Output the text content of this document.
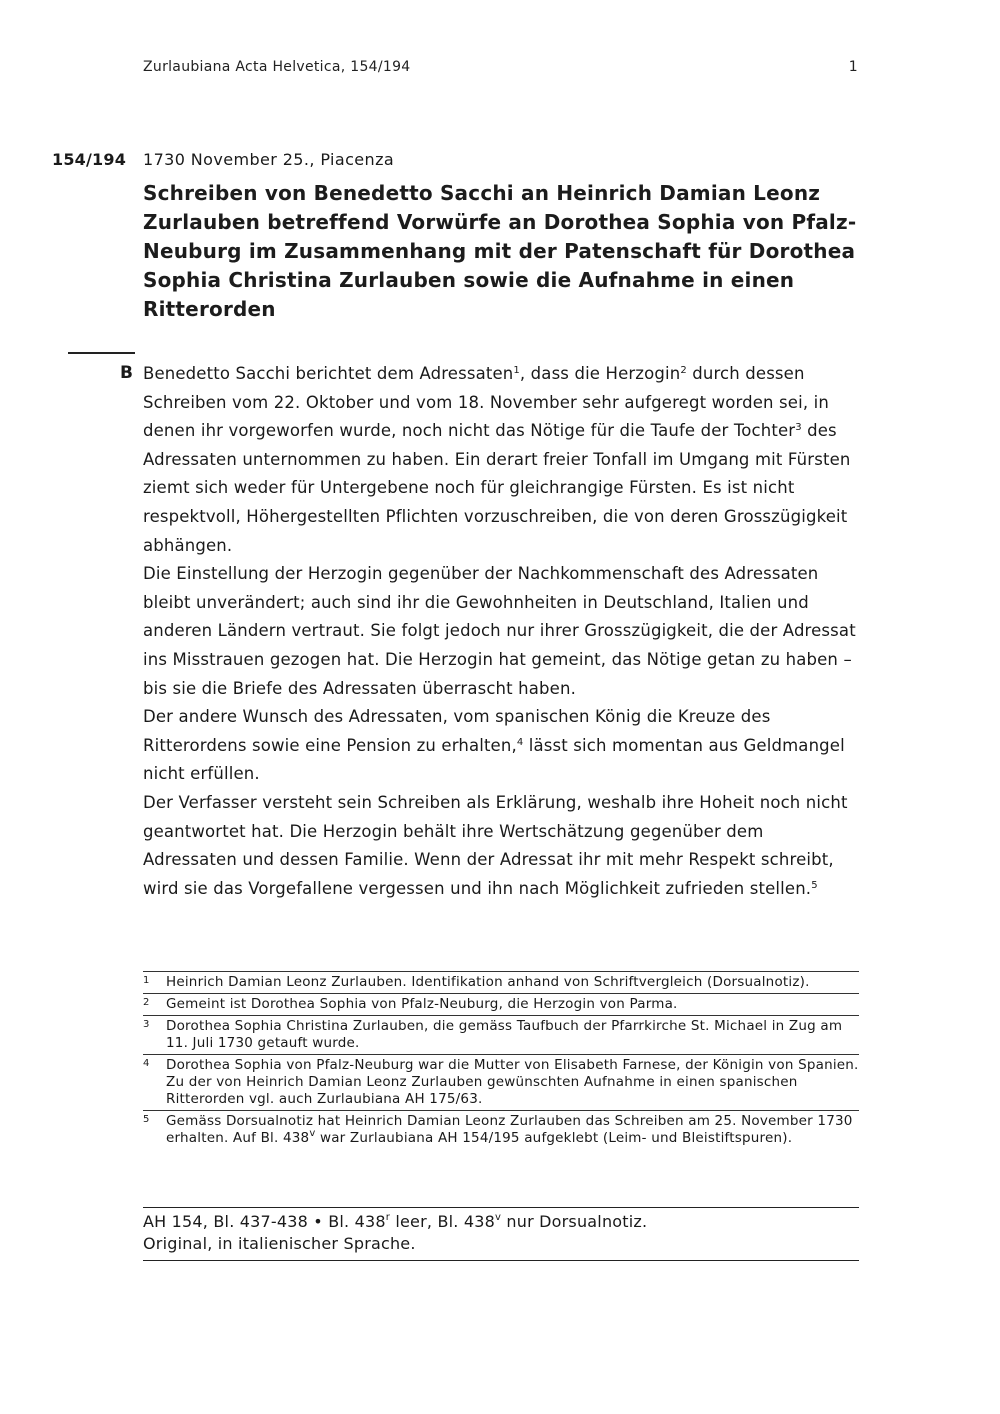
Zurlaubiana Acta Helvetica, 154/194	1
154/194 1730 November 25., Piacenza
Schreiben von Benedetto Sacchi an Heinrich Damian Leonz Zurlauben betreffend Vorwürfe an Dorothea Sophia von Pfalz-Neuburg im Zusammenhang mit der Patenschaft für Dorothea Sophia Christina Zurlauben sowie die Aufnahme in einen Ritterorden
B Benedetto Sacchi berichtet dem Adressaten$^1$, dass die Herzogin$^2$ durch dessen Schreiben vom 22. Oktober und vom 18. November sehr aufgeregt worden sei, in denen ihr vorgeworfen wurde, noch nicht das Nötige für die Taufe der Tochter$^3$ des Adressaten unternommen zu haben. Ein derart freier Tonfall im Umgang mit Fürsten ziemt sich weder für Untergebene noch für gleichrangige Fürsten. Es ist nicht respektvoll, Höhergestellten Pflichten vorzuschreiben, die von deren Grosszügigkeit abhängen.

Die Einstellung der Herzogin gegenüber der Nachkommenschaft des Adressaten bleibt unverändert; auch sind ihr die Gewohnheiten in Deutschland, Italien und anderen Ländern vertraut. Sie folgt jedoch nur ihrer Grosszügigkeit, die der Adressat ins Misstrauen gezogen hat. Die Herzogin hat gemeint, das Nötige getan zu haben – bis sie die Briefe des Adressaten überrascht haben.

Der andere Wunsch des Adressaten, vom spanischen König die Kreuze des Ritterordens sowie eine Pension zu erhalten,$^4$ lässt sich momentan aus Geldmangel nicht erfüllen.

Der Verfasser versteht sein Schreiben als Erklärung, weshalb ihre Hoheit noch nicht geantwortet hat. Die Herzogin behält ihre Wertschätzung gegenüber dem Adressaten und dessen Familie. Wenn der Adressat ihr mit mehr Respekt schreibt, wird sie das Vorgefallene vergessen und ihn nach Möglichkeit zufrieden stellen.$^5$

1	Heinrich Damian Leonz Zurlauben. Identifikation anhand von Schriftvergleich (Dorsualnotiz).
2	Gemeint ist Dorothea Sophia von Pfalz-Neuburg, die Herzogin von Parma.
3	Dorothea Sophia Christina Zurlauben, die gemäss Taufbuch der Pfarrkirche St. Michael in Zug am 11. Juli 1730 getauft wurde.
4	Dorothea Sophia von Pfalz-Neuburg war die Mutter von Elisabeth Farnese, der Königin von Spanien. Zu der von Heinrich Damian Leonz Zurlauben gewünschten Aufnahme in einen spanischen Ritterorden vgl. auch Zurlaubiana AH 175/63.
5	Gemäss Dorsualnotiz hat Heinrich Damian Leonz Zurlauben das Schreiben am 25. November 1730 erhalten. Auf Bl. 438$^v$ war Zurlaubiana AH 154/195 aufgeklebt (Leim- und Bleistiftspuren).
AH 154, Bl. 437-438 • Bl. 438$^r$ leer, Bl. 438$^v$ nur Dorsualnotiz.
Original, in italienischer Sprache.
